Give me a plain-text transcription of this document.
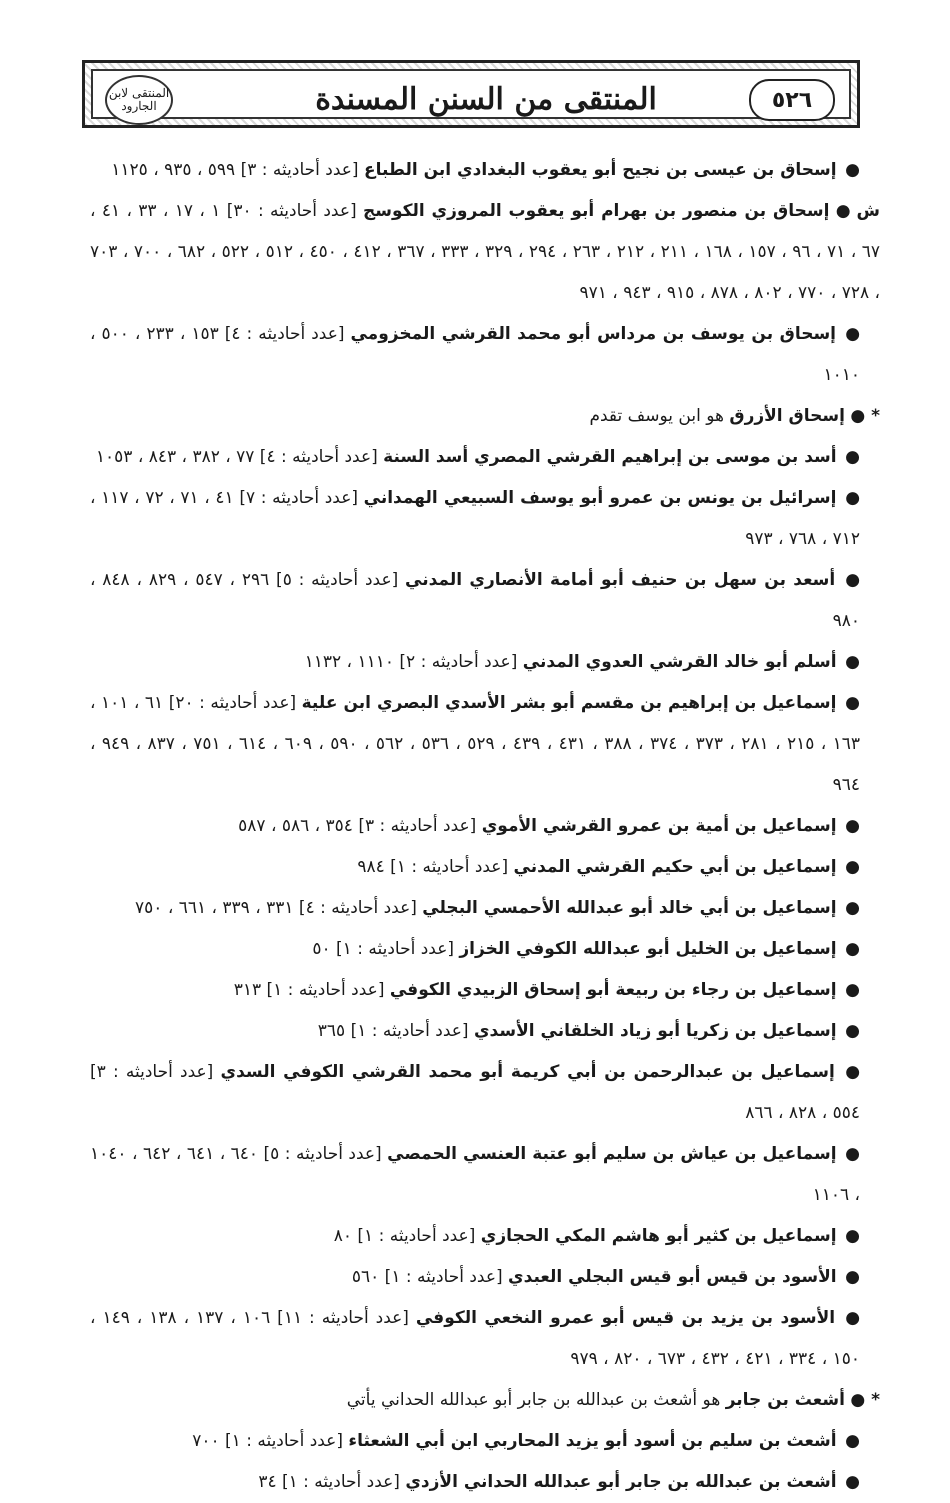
٥٢٦
المنتقى من السنن المسندة
المنتقى لابن الجارود

● إسحاق بن عيسى بن نجيح أبو يعقوب البغدادي ابن الطباع [عدد أحاديثه : ٣] ٥٩٩ ، ٩٣٥ ، ١١٢٥

ش ● إسحاق بن منصور بن بهرام أبو يعقوب المروزي الكوسج [عدد أحاديثه : ٣٠] ١ ، ١٧ ، ٣٣ ، ٤١ ، ٦٧ ، ٧١ ، ٩٦ ، ١٥٧ ، ١٦٨ ، ٢١١ ، ٢١٢ ، ٢٦٣ ، ٢٩٤ ، ٣٢٩ ، ٣٣٣ ، ٣٦٧ ، ٤١٢ ، ٤٥٠ ، ٥١٢ ، ٥٢٢ ، ٦٨٢ ، ٧٠٠ ، ٧٠٣ ، ٧٢٨ ، ٧٧٠ ، ٨٠٢ ، ٨٧٨ ، ٩١٥ ، ٩٤٣ ، ٩٧١

● إسحاق بن يوسف بن مرداس أبو محمد القرشي المخزومي [عدد أحاديثه : ٤] ١٥٣ ، ٢٣٣ ، ٥٠٠ ، ١٠١٠

* ● إسحاق الأزرق هو ابن يوسف تقدم

● أسد بن موسى بن إبراهيم القرشي المصري أسد السنة [عدد أحاديثه : ٤] ٧٧ ، ٣٨٢ ، ٨٤٣ ، ١٠٥٣

● إسرائيل بن يونس بن عمرو أبو يوسف السبيعي الهمداني [عدد أحاديثه : ٧] ٤١ ، ٧١ ، ٧٢ ، ١١٧ ، ٧١٢ ، ٧٦٨ ، ٩٧٣

● أسعد بن سهل بن حنيف أبو أمامة الأنصاري المدني [عدد أحاديثه : ٥] ٢٩٦ ، ٥٤٧ ، ٨٢٩ ، ٨٤٨ ، ٩٨٠

● أسلم أبو خالد القرشي العدوي المدني [عدد أحاديثه : ٢] ١١١٠ ، ١١٣٢

● إسماعيل بن إبراهيم بن مقسم أبو بشر الأسدي البصري ابن علية [عدد أحاديثه : ٢٠] ٦١ ، ١٠١ ، ١٦٣ ، ٢١٥ ، ٢٨١ ، ٣٧٣ ، ٣٧٤ ، ٣٨٨ ، ٤٣١ ، ٤٣٩ ، ٥٢٩ ، ٥٣٦ ، ٥٦٢ ، ٥٩٠ ، ٦٠٩ ، ٦١٤ ، ٧٥١ ، ٨٣٧ ، ٩٤٩ ، ٩٦٤

● إسماعيل بن أمية بن عمرو القرشي الأموي [عدد أحاديثه : ٣] ٣٥٤ ، ٥٨٦ ، ٥٨٧

● إسماعيل بن أبي حكيم القرشي المدني [عدد أحاديثه : ١] ٩٨٤

● إسماعيل بن أبي خالد أبو عبدالله الأحمسي البجلي [عدد أحاديثه : ٤] ٣٣١ ، ٣٣٩ ، ٦٦١ ، ٧٥٠

● إسماعيل بن الخليل أبو عبدالله الكوفي الخزاز [عدد أحاديثه : ١] ٥٠

● إسماعيل بن رجاء بن ربيعة أبو إسحاق الزبيدي الكوفي [عدد أحاديثه : ١] ٣١٣

● إسماعيل بن زكريا أبو زياد الخلقاني الأسدي [عدد أحاديثه : ١] ٣٦٥

● إسماعيل بن عبدالرحمن بن أبي كريمة أبو محمد القرشي الكوفي السدي [عدد أحاديثه : ٣] ٥٥٤ ، ٨٢٨ ، ٨٦٦

● إسماعيل بن عياش بن سليم أبو عتبة العنسي الحمصي [عدد أحاديثه : ٥] ٦٤٠ ، ٦٤١ ، ٦٤٢ ، ١٠٤٠ ، ١١٠٦

● إسماعيل بن كثير أبو هاشم المكي الحجازي [عدد أحاديثه : ١] ٨٠

● الأسود بن قيس أبو قيس البجلي العبدي [عدد أحاديثه : ١] ٥٦٠

● الأسود بن يزيد بن قيس أبو عمرو النخعي الكوفي [عدد أحاديثه : ١١] ١٠٦ ، ١٣٧ ، ١٣٨ ، ١٤٩ ، ١٥٠ ، ٣٣٤ ، ٤٢١ ، ٤٣٢ ، ٦٧٣ ، ٨٢٠ ، ٩٧٩

* ● أشعث بن جابر هو أشعث بن عبدالله بن جابر أبو عبدالله الحداني يأتي

● أشعث بن سليم بن أسود أبو يزيد المحاربي ابن أبي الشعثاء [عدد أحاديثه : ١] ٧٠٠

● أشعث بن عبدالله بن جابر أبو عبدالله الحداني الأزدي [عدد أحاديثه : ١] ٣٤
